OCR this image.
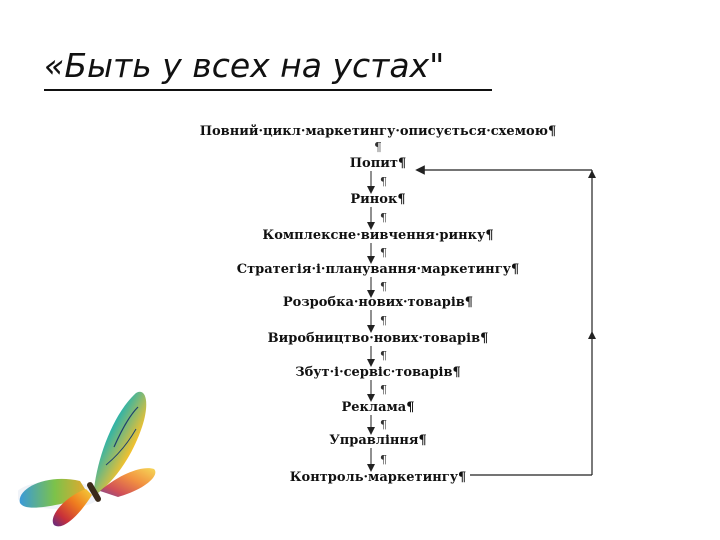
«Быть у всех на устах"
Повний·цикл·маркетингу·описується·схемою¶
¶
Попит¶
Ринок¶
Комплексне·вивчення·ринку¶
Стратегія·і·планування·маркетингу¶
Розробка·нових·товарів¶
Виробництво·нових·товарів¶
Збут·і·сервіс·товарів¶
Реклама¶
Управління¶
Контроль·маркетингу¶
¶
¶
¶
¶
¶
¶
¶
¶
¶
